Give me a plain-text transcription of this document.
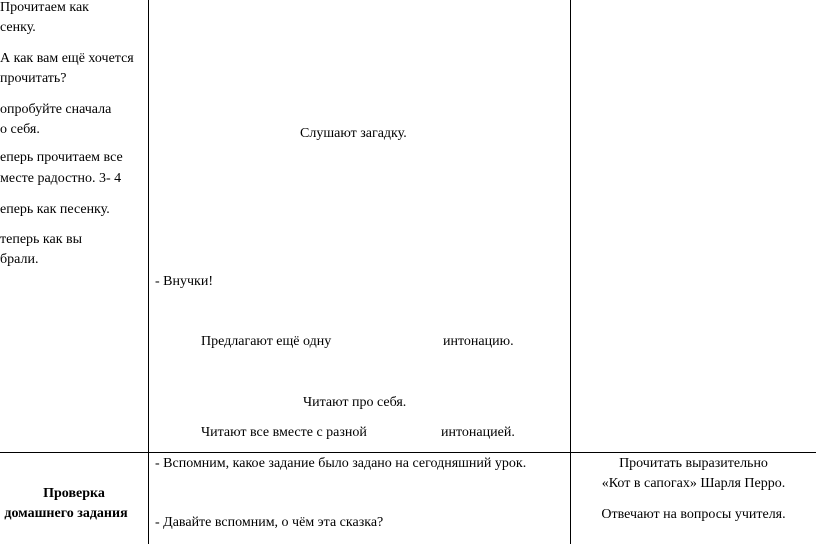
Прочитаем как
сенку.
А как вам ещё хочется
прочитать?
опробуйте сначала
о себя.
еперь прочитаем все
месте радостно. 3- 4
еперь как песенку.
теперь как вы
брали.
Слушают загадку.
- Внучки!
Предлагают ещё одну	интонацию.
Читают про себя.
Читают все вместе с разной	интонацией.
Проверка
домашнего задания
- Вспомним, какое задание было задано на сегодняшний урок.
- Давайте вспомним, о чём эта сказка?
Прочитать выразительно
«Кот в сапогах» Шарля Перро.
Отвечают на вопросы учителя.
